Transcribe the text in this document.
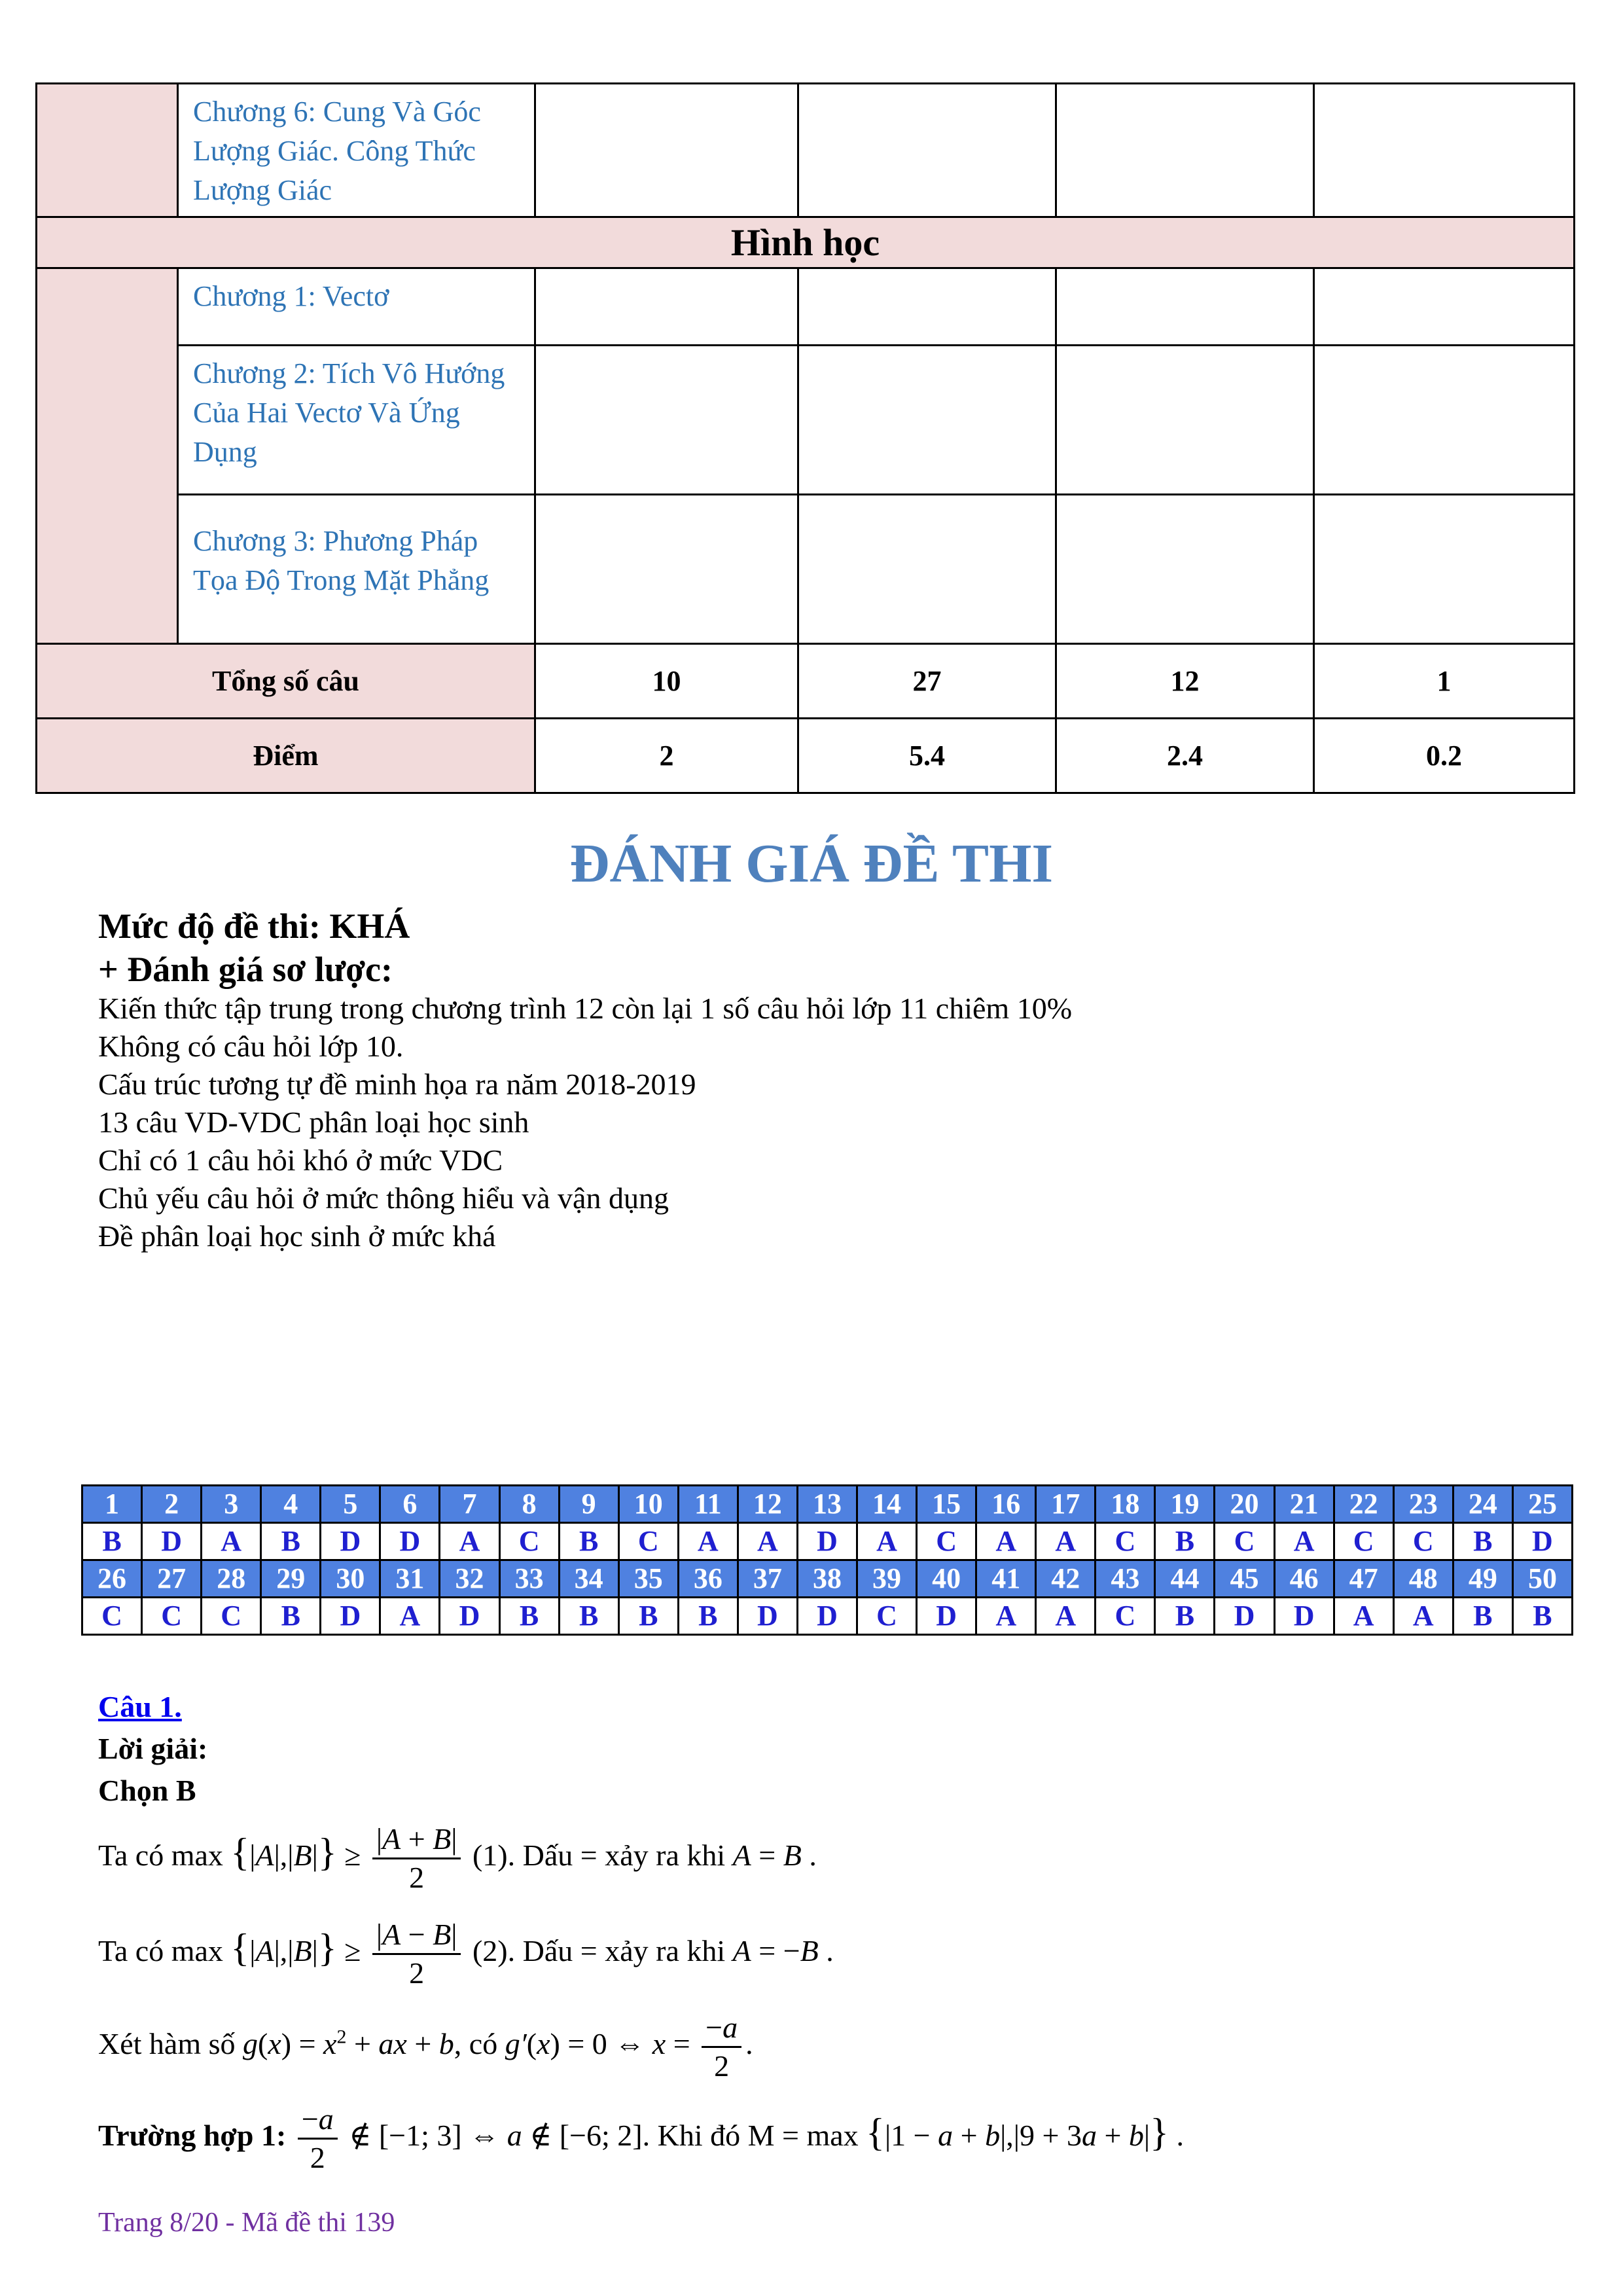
	Chương 6: Cung Và Góc Lượng Giác. Công Thức Lượng Giác				
Hình học					
	Chương 1: Vectơ				
	Chương 2: Tích Vô Hướng Của Hai Vectơ Và Ứng Dụng				
	Chương 3: Phương Pháp Tọa Độ Trong Mặt Phẳng				
Tổng số câu		10	27	12	1
Điểm		2	5.4	2.4	0.2
ĐÁNH GIÁ ĐỀ THI
Mức độ đề thi: KHÁ
+ Đánh giá sơ lược:
Kiến thức tập trung trong chương trình 12 còn lại 1 số câu hỏi lớp 11 chiêm 10%
Không có câu hỏi lớp 10.
Cấu trúc tương tự đề minh họa ra năm 2018-2019
13 câu VD-VDC phân loại học sinh
Chỉ có 1 câu hỏi khó ở mức VDC
Chủ yếu câu hỏi ở mức thông hiểu và vận dụng
Đề phân loại học sinh ở mức khá
1	2	3	4	5	6	7	8	9	10	11	12	13	14	15	16	17	18	19	20	21	22	23	24	25
B	D	A	B	D	D	A	C	B	C	A	A	D	A	C	A	A	C	B	C	A	C	C	B	D
26	27	28	29	30	31	32	33	34	35	36	37	38	39	40	41	42	43	44	45	46	47	48	49	50
C	C	C	B	D	A	D	B	B	B	B	D	D	C	D	A	A	C	B	D	D	A	A	B	B
Câu 1.
Lời giải:
Chọn B
Ta có $\max \{|A|,|B|\} \ge \frac{|A + B|}{2} (1)$. Dấu = xảy ra khi A = B .
Ta có $\max \{|A|,|B|\} \ge \frac{|A - B|}{2} (2)$. Dấu = xảy ra khi A = −B .
Xét hàm số $g(x) = x^2$ + ax + b, có g′(x) = 0 ⇔ $x = \frac{-a}{2}$ .
Trường hợp 1: $\frac{-a}{2}$ ∉ [−1; 3] ⇔ a ∉ [−6; 2]. Khi đó M = max {|1 − a + b|,|9 + 3a + b|} .
Trang 8/20 - Mã đề thi 139
